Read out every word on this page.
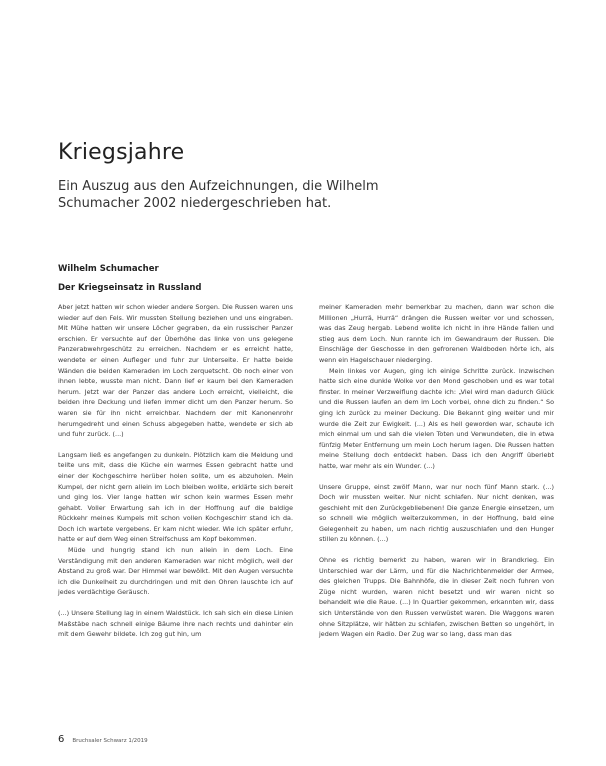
Kriegsjahre
Ein Auszug aus den Aufzeichnungen, die Wilhelm Schumacher 2002 niedergeschrieben hat.
Wilhelm Schumacher
Der Kriegseinsatz in Russland

Aber jetzt hatten wir schon wieder andere Sorgen. Die Russen waren uns wieder auf den Fels. Wir mussten Stellung beziehen und uns eingraben. Mit Mühe hatten wir unsere Löcher gegraben, da ein russischer Panzer erschien. Er versuchte auf der Überhöhe das linke von uns gelegene Panzerabwehrgeschütz zu erreichen. Nachdem er es erreicht hatte, wendete er einen Aufleger und fuhr zur Unterseite. Er hatte beide Wänden die beiden Kameraden im Loch zerquetscht. Ob noch einer von ihnen lebte, wusste man nicht. Dann lief er kaum bei den Kameraden herum. Jetzt war der Panzer das andere Loch erreicht, vielleicht, die beiden ihre Deckung und liefen immer dicht um den Panzer herum. So waren sie für ihn nicht erreichbar. Nachdem der mit Kanonenrohr herumgedreht und einen Schuss abgegeben hatte, wendete er sich ab und fuhr zurück. (...)

Langsam ließ es angefangen zu dunkeln. Plötzlich kam die Meldung und teilte uns mit, dass die Küche ein warmes Essen gebracht hatte und einer der Kochgeschirre herüber holen sollte, um es abzuholen. Mein Kumpel, der nicht gern allein im Loch bleiben wollte, erklärte sich bereit und ging los. Vier lange hatten wir schon kein warmes Essen mehr gehabt. Voller Erwartung sah ich in der Hoffnung auf die baldige Rückkehr meines Kumpels mit schon vollen Kochgeschirr stand ich da. Doch ich wartete vergebens. Er kam nicht wieder. Wie ich später erfuhr, hatte er auf dem Weg einen Streifschuss am Kopf bekommen.

Müde und hungrig stand ich nun allein in dem Loch. Eine Verständigung mit den anderen Kameraden war nicht möglich, weil der Abstand zu groß war. Der Himmel war bewölkt. Mit den Augen versuchte ich die Dunkelheit zu durchdringen und mit den Ohren lauschte ich auf jedes verdächtige Geräusch.

(...) Unsere Stellung lag in einem Waldstück. Ich sah sich ein diese Linien Maßstäbe nach schnell einige Bäume ihre nach rechts und dahinter ein mit dem Gewehr bildete. Ich zog gut hin, um

meiner Kameraden mehr bemerkbar zu machen, dann war schon die Millionen „Hurrä, Hurrä“ drängen die Russen weiter vor und schossen, was das Zeug hergab. Lebend wollte ich nicht in ihre Hände fallen und stieg aus dem Loch. Nun rannte ich im Gewandraum der Russen. Die Einschläge der Geschosse in den gefrorenen Waldboden hörte ich, als wenn ein Hagelschauer niederging.

Mein linkes vor Augen, ging ich einige Schritte zurück. Inzwischen hatte sich eine dunkle Wolke vor den Mond geschoben und es war total finster. In meiner Verzweiflung dachte ich: „Viel wird man dadurch Glück und die Russen laufen an dem im Loch vorbei, ohne dich zu finden.“ So ging ich zurück zu meiner Deckung. Die Bekannt ging weiter und mir wurde die Zeit zur Ewigkeit. (...) Als es hell geworden war, schaute ich mich einmal um und sah die vielen Toten und Verwundeten, die in etwa fünfzig Meter Entfernung um mein Loch herum lagen. Die Russen hatten meine Stellung doch entdeckt haben. Dass ich den Angriff überlebt hatte, war mehr als ein Wunder. (...)

Unsere Gruppe, einst zwölf Mann, war nur noch fünf Mann stark. (...) Doch wir mussten weiter. Nur nicht schlafen. Nur nicht denken, was geschieht mit den Zurückgebliebenen! Die ganze Energie einsetzen, um so schnell wie möglich weiterzukommen, in der Hoffnung, bald eine Gelegenheit zu haben, um nach richtig auszuschlafen und den Hunger stillen zu können. (...)

Ohne es richtig bemerkt zu haben, waren wir in Brandkrieg. Ein Unterschied war der Lärm, und für die Nachrichtenmelder der Armee, des gleichen Trupps. Die Bahnhöfe, die in dieser Zeit noch fuhren von Züge nicht wurden, waren nicht besetzt und wir waren nicht so behandelt wie die Raue. (...) In Quartier gekommen, erkannten wir, dass sich Unterstände von den Russen verwüstet waren. Die Waggons waren ohne Sitzplätze, wir hätten zu schlafen, zwischen Betten so ungehört, in jedem Wagen ein Radio. Der Zug war so lang, dass man das

6 Bruchsaler Schwarz 1/2019
